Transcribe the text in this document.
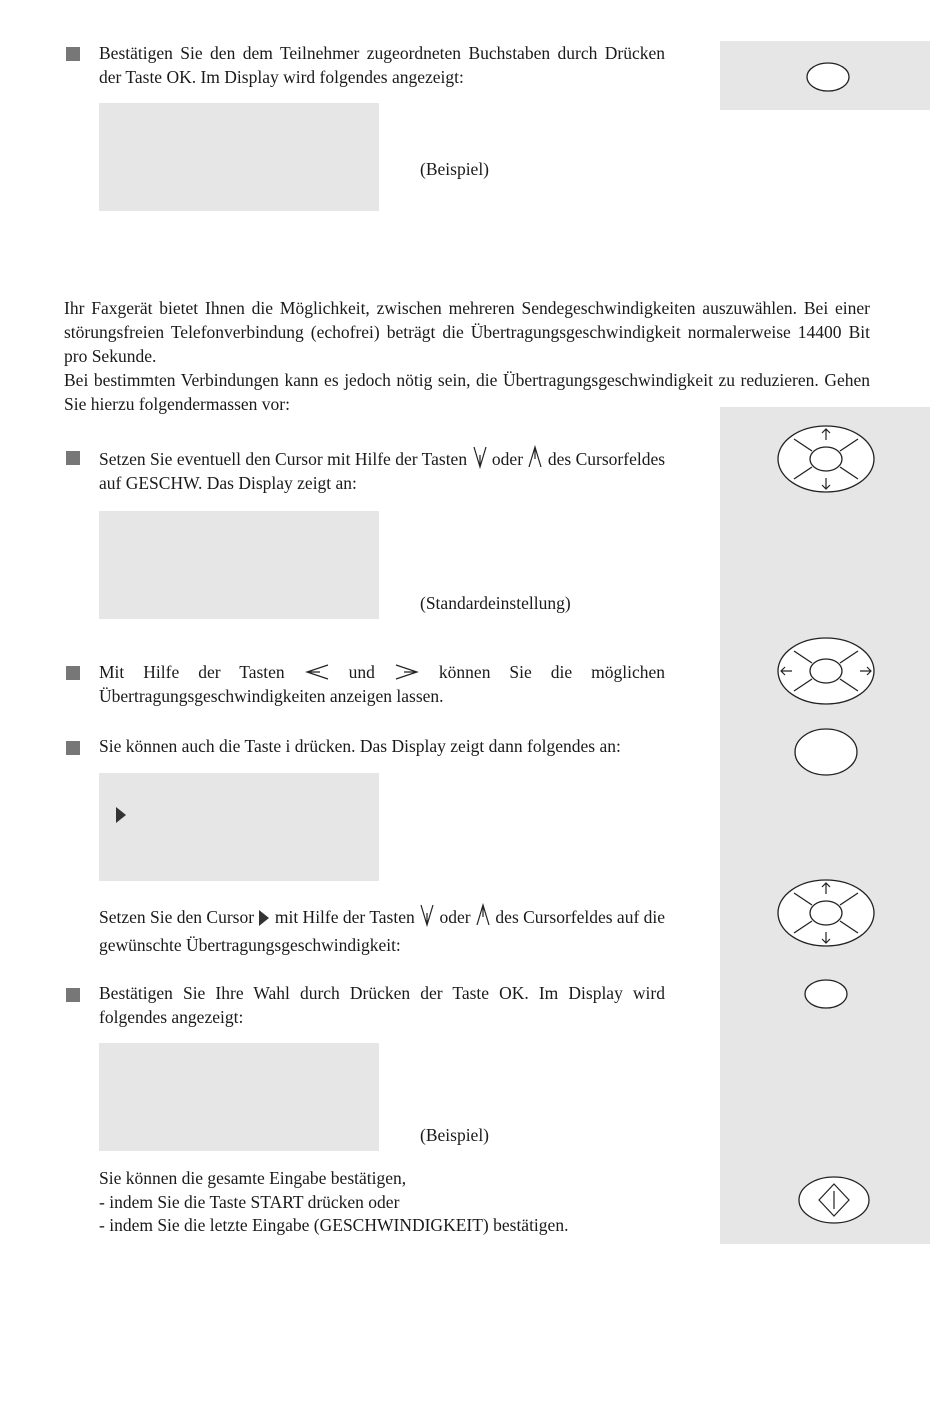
Bestätigen Sie den dem Teilnehmer zugeordneten Buchstaben durch Drücken der Taste OK. Im Display wird folgendes angezeigt:
(Beispiel)
Ihr Faxgerät bietet Ihnen die Möglichkeit, zwischen mehreren Sendegeschwindigkeiten auszuwählen. Bei einer störungsfreien Telefonverbindung (echofrei) beträgt die Übertragungsgeschwindigkeit normalerweise 14400 Bit pro Sekunde.
Bei bestimmten Verbindungen kann es jedoch nötig sein, die Übertragungsgeschwindigkeit zu reduzieren. Gehen Sie hierzu folgendermassen vor:
Setzen Sie eventuell den Cursor mit Hilfe der Tasten oder des Cursorfeldes auf GESCHW. Das Display zeigt an:
(Standardeinstellung)
Mit Hilfe der Tasten	und	können Sie die möglichen Übertragungsgeschwindigkeiten anzeigen lassen.
Sie können auch die Taste i drücken. Das Display zeigt dann folgendes an:
Setzen Sie den Cursor mit Hilfe der Tasten oder des Cursorfeldes auf die gewünschte Übertragungsgeschwindigkeit:
Bestätigen Sie Ihre Wahl durch Drücken der Taste OK. Im Display wird folgendes angezeigt:
(Beispiel)
Sie können die gesamte Eingabe bestätigen,
- indem Sie die Taste START drücken oder
- indem Sie die letzte Eingabe (GESCHWINDIGKEIT) bestätigen.
